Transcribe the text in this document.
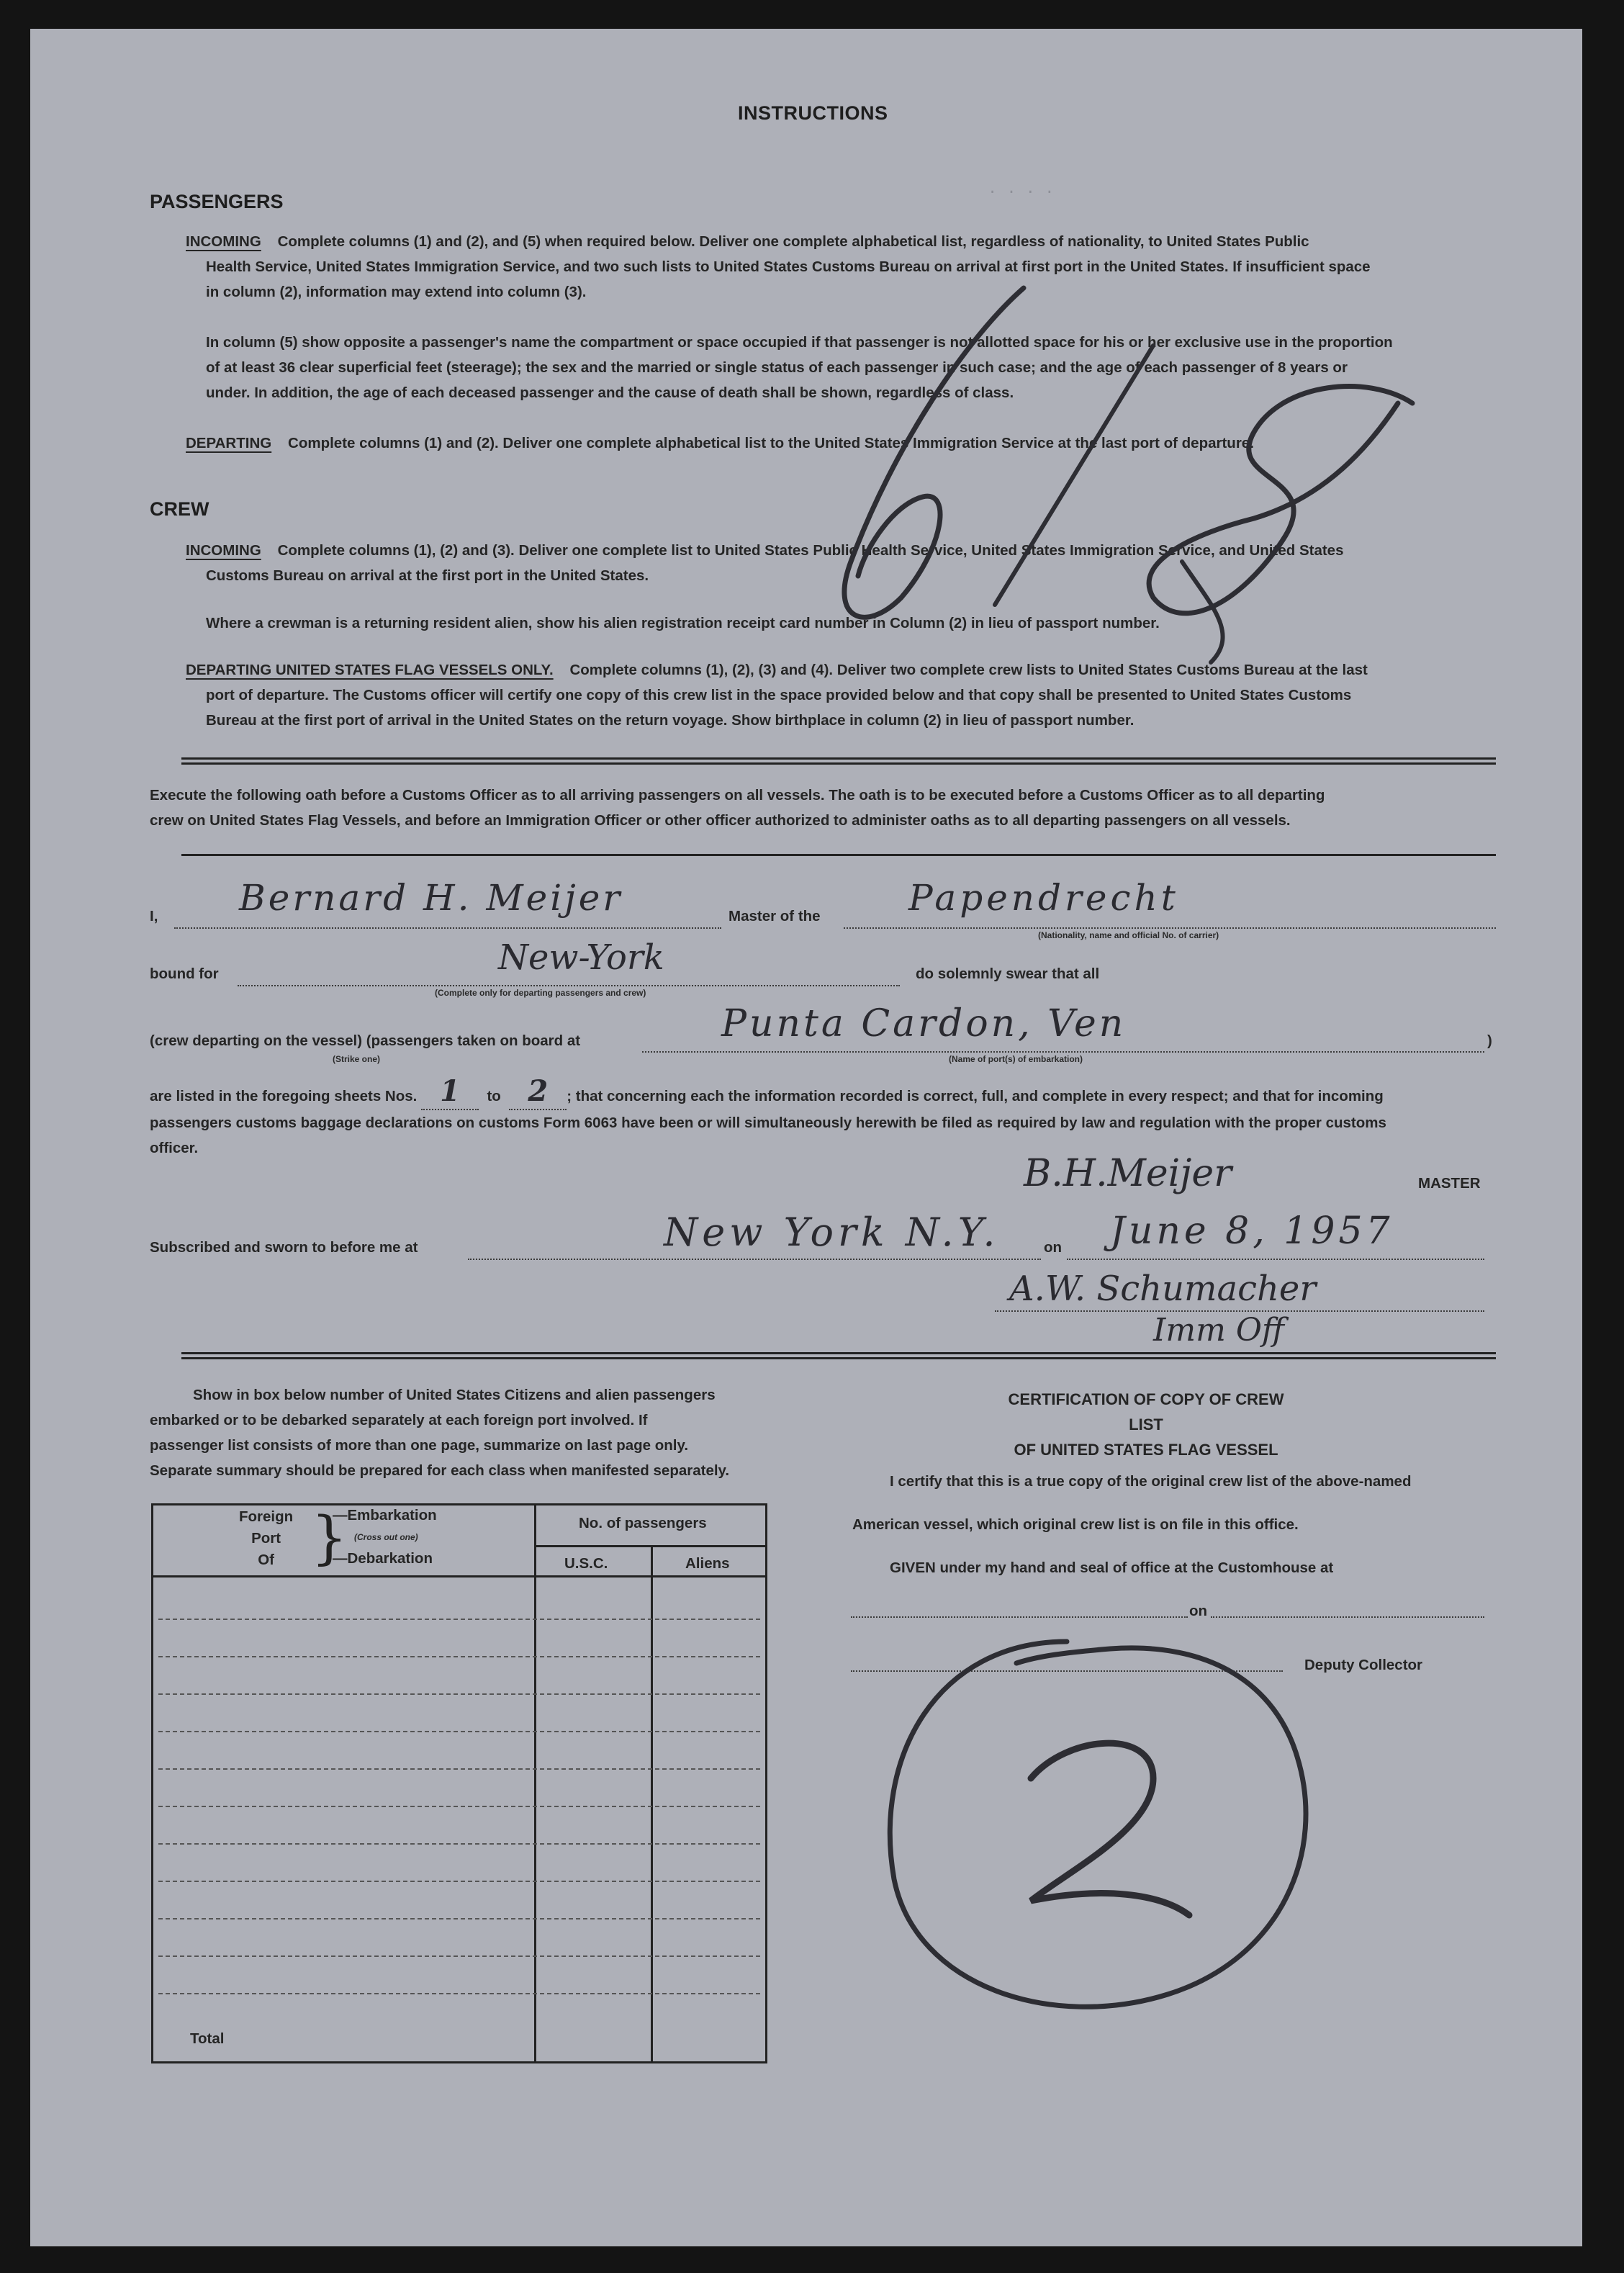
. . . .
INSTRUCTIONS
PASSENGERS
INCOMING Complete columns (1) and (2), and (5) when required below. Deliver one complete alphabetical list, regardless of nationality, to United States Public
Health Service, United States Immigration Service, and two such lists to United States Customs Bureau on arrival at first port in the United States. If insufficient space
in column (2), information may extend into column (3).
In column (5) show opposite a passenger's name the compartment or space occupied if that passenger is not allotted space for his or her exclusive use in the proportion
of at least 36 clear superficial feet (steerage); the sex and the married or single status of each passenger in such case; and the age of each passenger of 8 years or
under. In addition, the age of each deceased passenger and the cause of death shall be shown, regardless of class.
DEPARTING Complete columns (1) and (2). Deliver one complete alphabetical list to the United States Immigration Service at the last port of departure.
CREW
INCOMING Complete columns (1), (2) and (3). Deliver one complete list to United States Public Health Service, United States Immigration Service, and United States
Customs Bureau on arrival at the first port in the United States.
Where a crewman is a returning resident alien, show his alien registration receipt card number in Column (2) in lieu of passport number.
DEPARTING UNITED STATES FLAG VESSELS ONLY. Complete columns (1), (2), (3) and (4). Deliver two complete crew lists to United States Customs Bureau at the last
port of departure. The Customs officer will certify one copy of this crew list in the space provided below and that copy shall be presented to United States Customs
Bureau at the first port of arrival in the United States on the return voyage. Show birthplace in column (2) in lieu of passport number.
Execute the following oath before a Customs Officer as to all arriving passengers on all vessels. The oath is to be executed before a Customs Officer as to all departing
crew on United States Flag Vessels, and before an Immigration Officer or other officer authorized to administer oaths as to all departing passengers on all vessels.
I, Bernard H. Meijer	Master of the Papendrecht
(Nationality, name and official No. of carrier)
bound for	New-York
(Complete only for departing passengers and crew)
do solemnly swear that all
(crew departing on the vessel) (passengers taken on board at
(Strike one)
Punta Cardon, Ven
(Name of port(s) of embarkation)
)
are listed in the foregoing sheets Nos. 1 to 2 ; that concerning each the information recorded is correct, full, and complete in every respect; and that for incoming
passengers customs baggage declarations on customs Form 6063 have been or will simultaneously herewith be filed as required by law and regulation with the proper customs
officer.
B.H.Meijer	MASTER
Subscribed and sworn to before me at	New York N.Y.	on June 8, 1957
A.W. Schumacher
Imm Off
Show in box below number of United States Citizens and alien passengers
embarked or to be debarked separately at each foreign port involved. If
passenger list consists of more than one page, summarize on last page only.
Separate summary should be prepared for each class when manifested separately.
Foreign
Port
Of }
—Embarkation
(Cross out one)
—Debarkation
No. of passengers
U.S.C.	Aliens
Total
CERTIFICATION OF COPY OF CREW LIST
OF UNITED STATES FLAG VESSEL
I certify that this is a true copy of the original crew list of the above-named
American vessel, which original crew list is on file in this office.
GIVEN under my hand and seal of office at the Customhouse at
on
Deputy Collector
